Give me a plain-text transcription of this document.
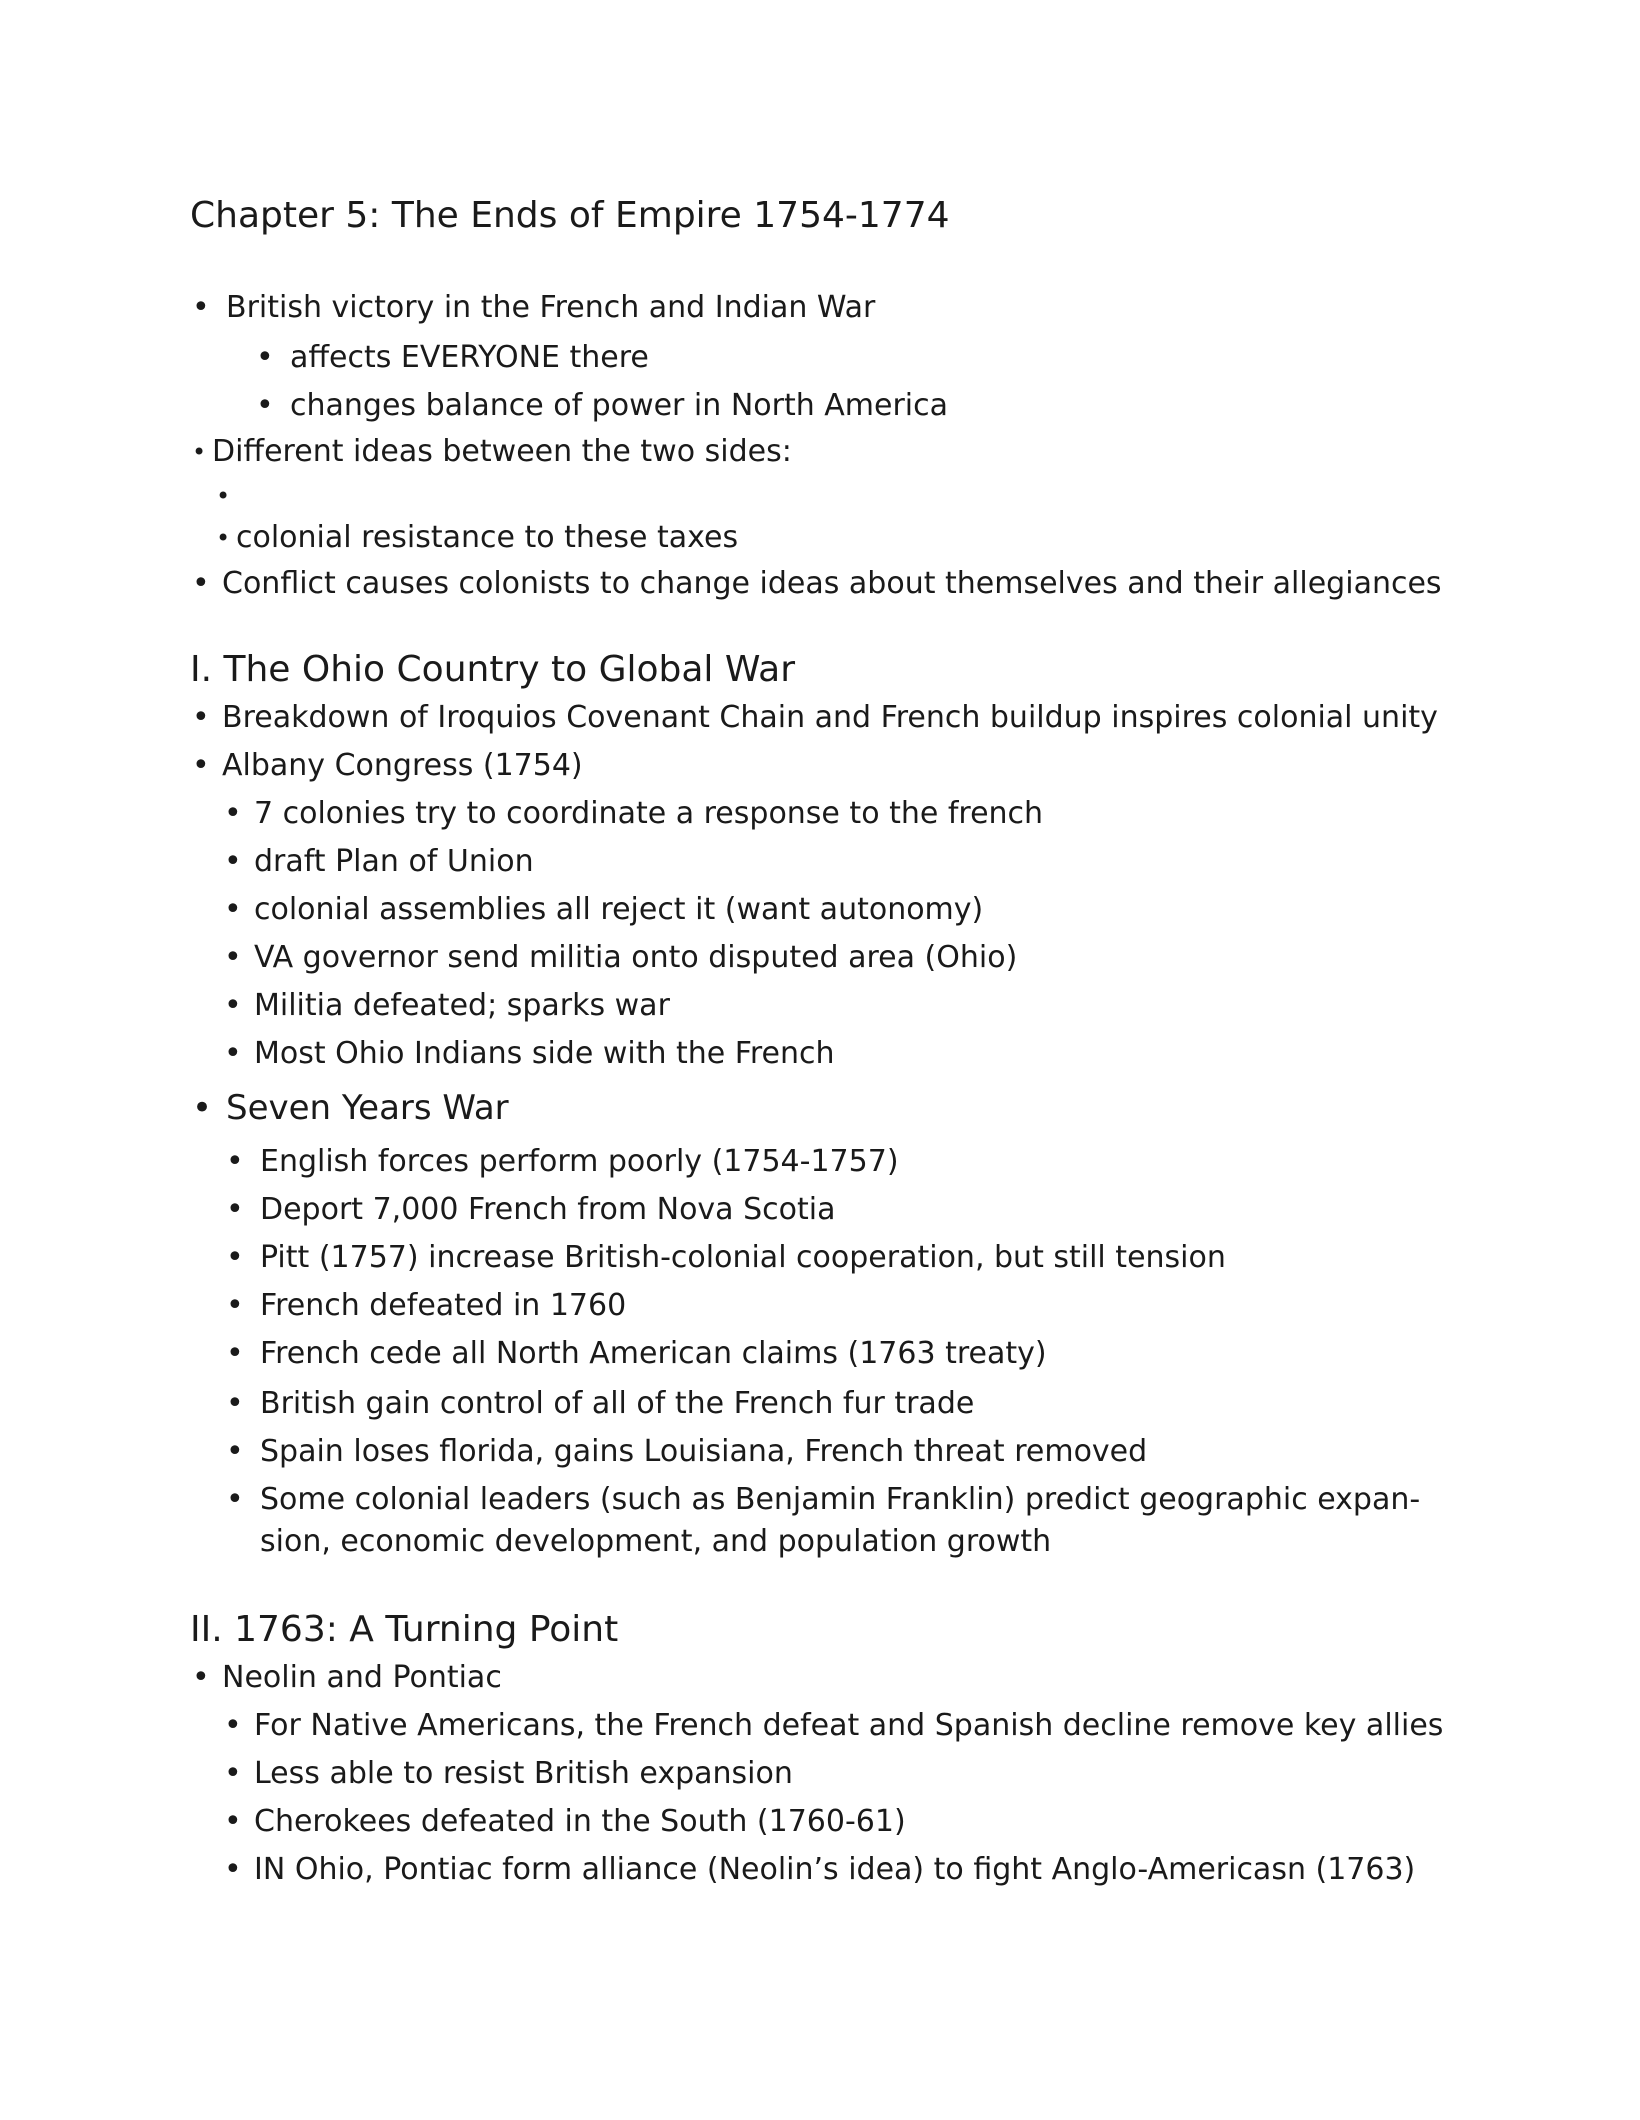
Chapter 5: The Ends of Empire 1754-1774
• British victory in the French and Indian War
• affects EVERYONE there
• changes balance of power in North America
• Different ideas between the two sides:
•
• colonial resistance to these taxes
• Conflict causes colonists to change ideas about themselves and their allegiances
I. The Ohio Country to Global War
• Breakdown of Iroquios Covenant Chain and French buildup inspires colonial unity
• Albany Congress (1754)
• 7 colonies try to coordinate a response to the french
• draft Plan of Union
• colonial assemblies all reject it (want autonomy)
• VA governor send militia onto disputed area (Ohio)
• Militia defeated; sparks war
• Most Ohio Indians side with the French
• Seven Years War
• English forces perform poorly (1754-1757)
• Deport 7,000 French from Nova Scotia
• Pitt (1757) increase British-colonial cooperation, but still tension
• French defeated in 1760
• French cede all North American claims (1763 treaty)
• British gain control of all of the French fur trade
• Spain loses florida, gains Louisiana, French threat removed
• Some colonial leaders (such as Benjamin Franklin) predict geographic expan-
sion, economic development, and population growth
II. 1763: A Turning Point
• Neolin and Pontiac
• For Native Americans, the French defeat and Spanish decline remove key allies
• Less able to resist British expansion
• Cherokees defeated in the South (1760-61)
• IN Ohio, Pontiac form alliance (Neolin’s idea) to fight Anglo-Americasn (1763)
